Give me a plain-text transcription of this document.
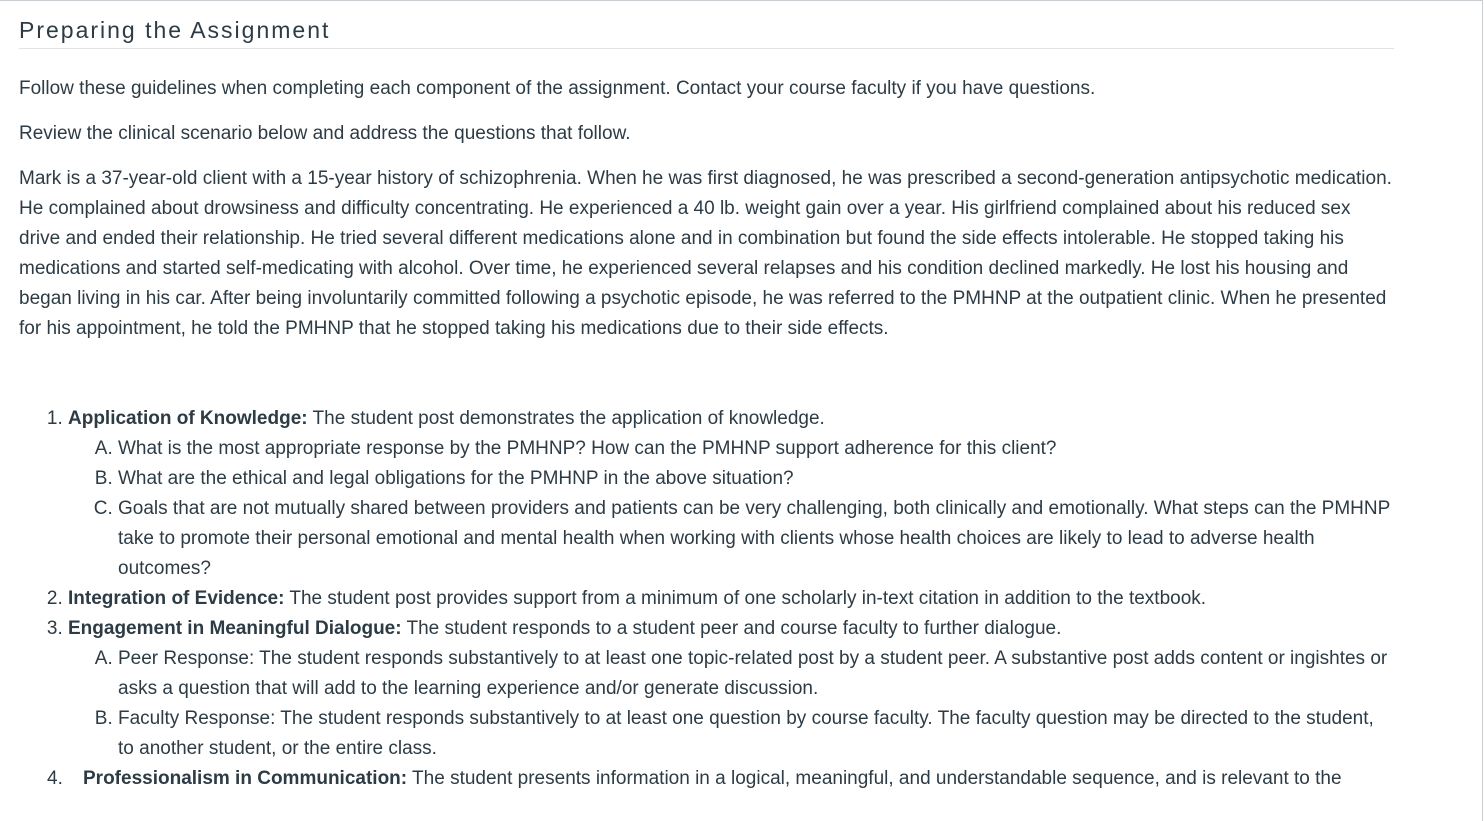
Preparing the Assignment

Follow these guidelines when completing each component of the assignment. Contact your course faculty if you have questions.

Review the clinical scenario below and address the questions that follow.

Mark is a 37-year-old client with a 15-year history of schizophrenia. When he was first diagnosed, he was prescribed a second-generation antipsychotic medication. He complained about drowsiness and difficulty concentrating. He experienced a 40 lb. weight gain over a year. His girlfriend complained about his reduced sex drive and ended their relationship. He tried several different medications alone and in combination but found the side effects intolerable. He stopped taking his medications and started self-medicating with alcohol. Over time, he experienced several relapses and his condition declined markedly. He lost his housing and began living in his car. After being involuntarily committed following a psychotic episode, he was referred to the PMHNP at the outpatient clinic. When he presented for his appointment, he told the PMHNP that he stopped taking his medications due to their side effects.

1. Application of Knowledge: The student post demonstrates the application of knowledge.
A. What is the most appropriate response by the PMHNP? How can the PMHNP support adherence for this client?
B. What are the ethical and legal obligations for the PMHNP in the above situation?
C. Goals that are not mutually shared between providers and patients can be very challenging, both clinically and emotionally. What steps can the PMHNP take to promote their personal emotional and mental health when working with clients whose health choices are likely to lead to adverse health outcomes?
2. Integration of Evidence: The student post provides support from a minimum of one scholarly in-text citation in addition to the textbook.
3. Engagement in Meaningful Dialogue: The student responds to a student peer and course faculty to further dialogue.
A. Peer Response: The student responds substantively to at least one topic-related post by a student peer. A substantive post adds content or ingishtes or asks a question that will add to the learning experience and/or generate discussion.
B. Faculty Response: The student responds substantively to at least one question by course faculty. The faculty question may be directed to the student, to another student, or the entire class.
4. Professionalism in Communication: The student presents information in a logical, meaningful, and understandable sequence, and is relevant to the
